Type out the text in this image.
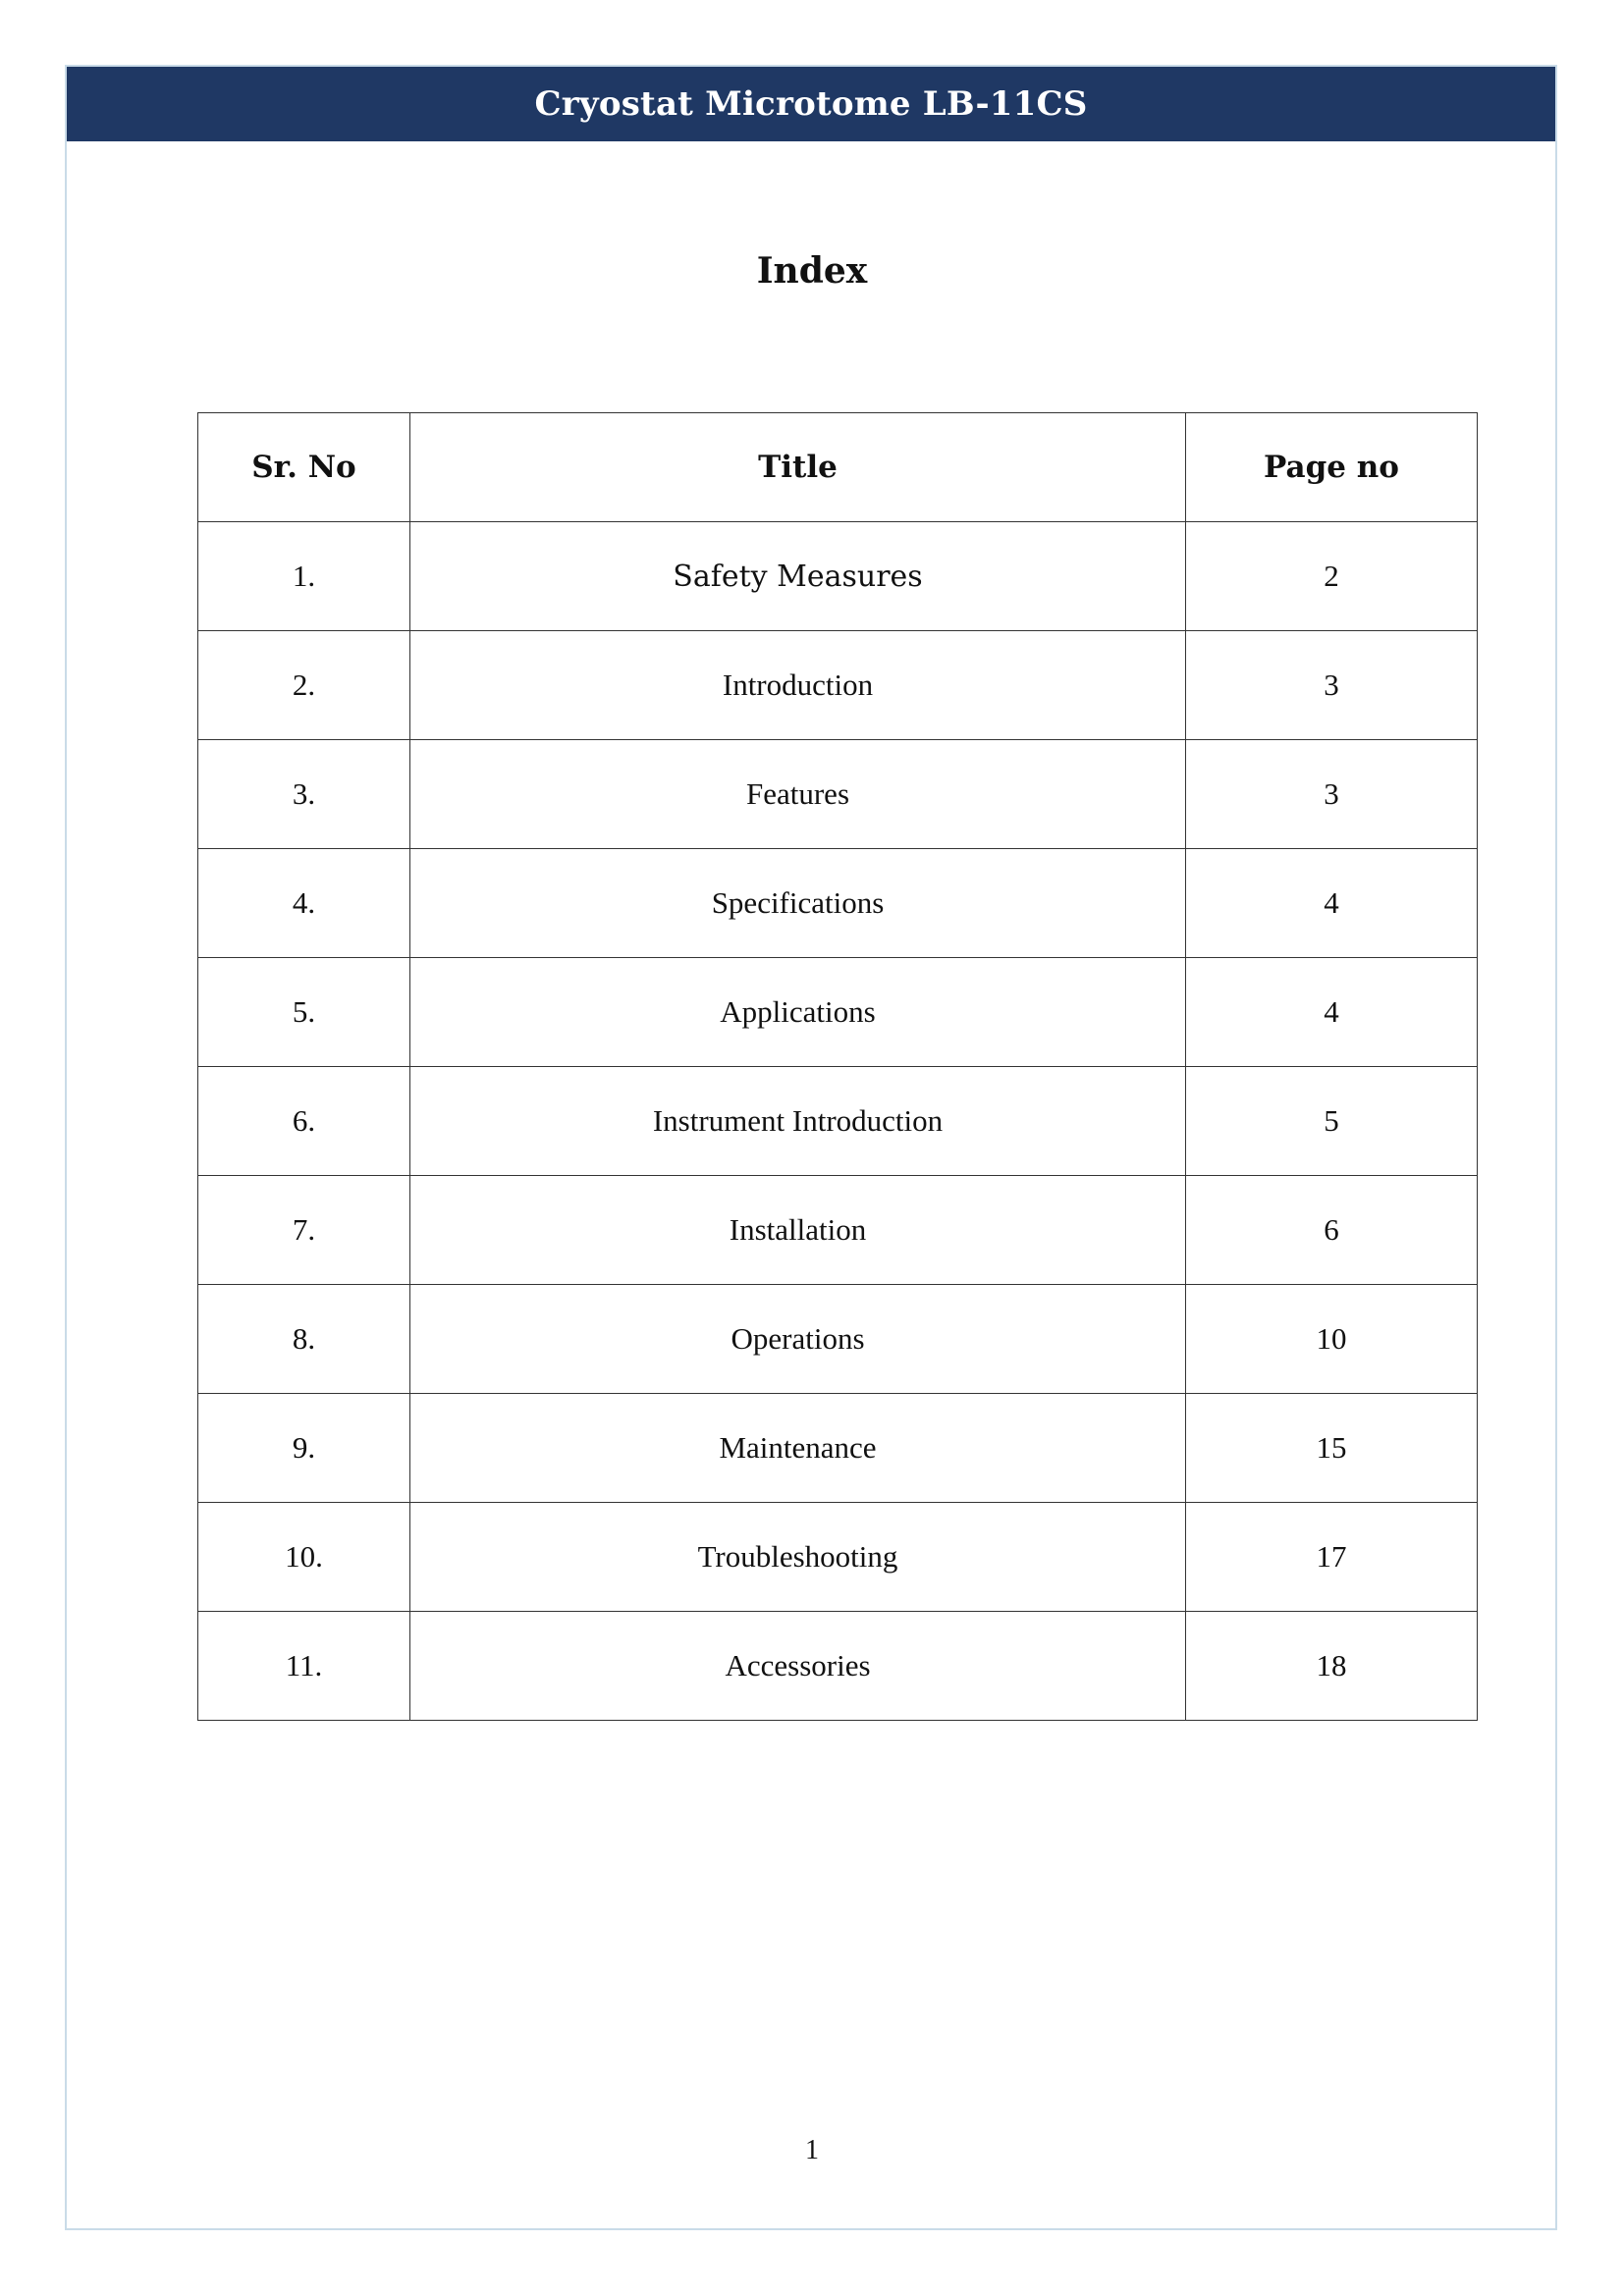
Cryostat Microtome LB-11CS
Index
Sr. No	Title	Page no
1.	Safety Measures	2
2.	Introduction	3
3.	Features	3
4.	Specifications	4
5.	Applications	4
6.	Instrument Introduction	5
7.	Installation	6
8.	Operations	10
9.	Maintenance	15
10.	Troubleshooting	17
11.	Accessories	18
1
